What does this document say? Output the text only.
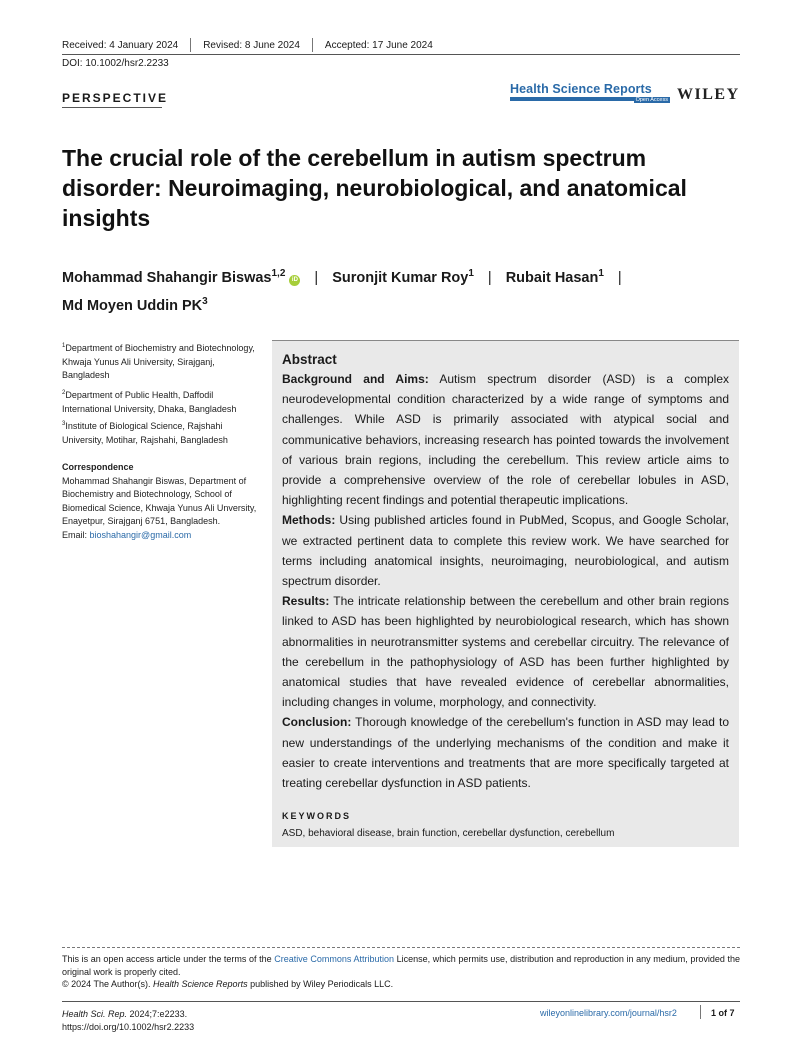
Received: 4 January 2024	Revised: 8 June 2024	Accepted: 17 June 2024
DOI: 10.1002/hsr2.2233
PERSPECTIVE
Health Science Reports
Open Access WILEY
The crucial role of the cerebellum in autism spectrum disorder: Neuroimaging, neurobiological, and anatomical insights
Mohammad Shahangir Biswas$^{1,2}$iD | Suronjit Kumar Roy$^1$ | Rubait Hasan$^1$ |
Md Moyen Uddin $PK^3$
$^1$Department of Biochemistry and Biotechnology, Khwaja Yunus Ali University, Sirajganj, Bangladesh
$^2$Department of Public Health, Daffodil International University, Dhaka, Bangladesh
$^3$Institute of Biological Science, Rajshahi University, Motihar, Rajshahi, Bangladesh
Correspondence
Mohammad Shahangir Biswas, Department of Biochemistry and Biotechnology, School of Biomedical Science, Khwaja Yunus Ali Unversity, Enayetpur, Sirajganj 6751, Bangladesh.
Email: bioshahangir@gmail.com
Abstract

Background and Aims: Autism spectrum disorder (ASD) is a complex neurodevelopmental condition characterized by a wide range of symptoms and challenges. While ASD is primarily associated with atypical social and communicative behaviors, increasing research has pointed towards the involvement of various brain regions, including the cerebellum. This review article aims to provide a comprehensive overview of the role of cerebellar lobules in ASD, highlighting recent findings and potential therapeutic implications.

Methods: Using published articles found in PubMed, Scopus, and Google Scholar, we extracted pertinent data to complete this review work. We have searched for terms including anatomical insights, neuroimaging, neurobiological, and autism spectrum disorder.

Results: The intricate relationship between the cerebellum and other brain regions linked to ASD has been highlighted by neurobiological research, which has shown abnormalities in neurotransmitter systems and cerebellar circuitry. The relevance of the cerebellum in the pathophysiology of ASD has been further highlighted by anatomical studies that have revealed evidence of cerebellar abnormalities, including changes in volume, morphology, and connectivity.

Conclusion: Thorough knowledge of the cerebellum's function in ASD may lead to new understandings of the underlying mechanisms of the condition and make it easier to create interventions and treatments that are more specifically targeted at treating cerebellar dysfunction in ASD patients.

KEYWORDS
ASD, behavioral disease, brain function, cerebellar dysfunction, cerebellum
This is an open access article under the terms of the Creative Commons Attribution License, which permits use, distribution and reproduction in any medium, provided the original work is properly cited.
© 2024 The Author(s). Health Science Reports published by Wiley Periodicals LLC.
Health Sci. Rep. 2024;7:e2233.
https://doi.org/10.1002/hsr2.2233
wileyonlinelibrary.com/journal/hsr2	1 of 7
